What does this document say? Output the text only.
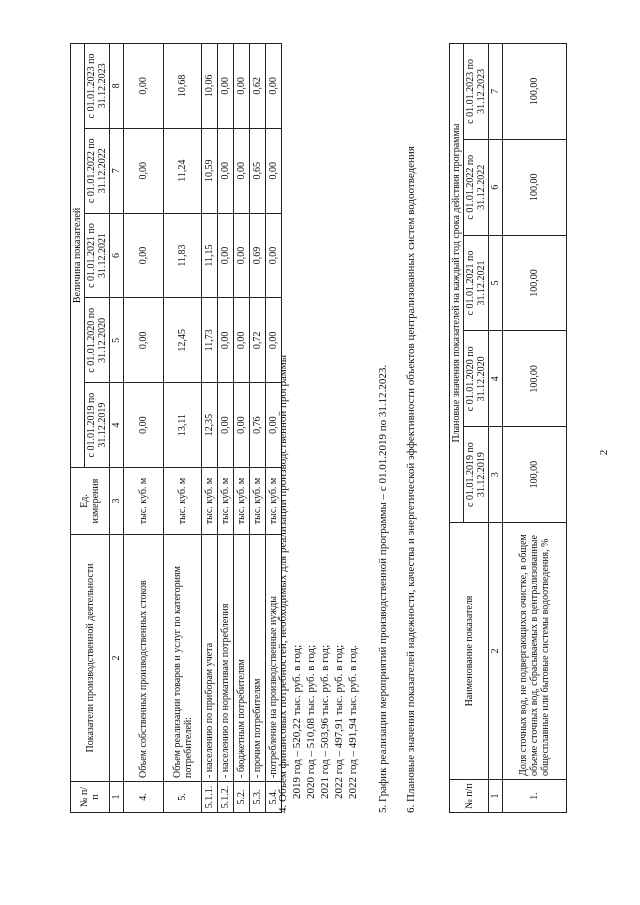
2
№ п/п	Показатели производственной деятельности	Ед. измерения	Величина показателей				
			с 01.01.2019 по 31.12.2019	с 01.01.2020 по 31.12.2020	с 01.01.2021 по 31.12.2021	с 01.01.2022 по 31.12.2022	с 01.01.2023 по 31.12.2023
1	2	3	4	5	6	7	8
4.	Объем собственных производственных стоков	тыс. куб. м	0,00	0,00	0,00	0,00	0,00
5.	Объем реализации товаров и услуг по категориям потребителей:	тыс. куб. м	13,11	12,45	11,83	11,24	10,68
5.1.1.	- населению по приборам учета	тыс. куб. м	12,35	11,73	11,15	10,59	10,06
5.1.2.	- населению по нормативам потребления	тыс. куб. м	0,00	0,00	0,00	0,00	0,00
5.2.	- бюджетным потребителям	тыс. куб. м	0,00	0,00	0,00	0,00	0,00
5.3.	- прочим потребителям	тыс. куб. м	0,76	0,72	0,69	0,65	0,62
5.4.	-потребление на производственные нужды	тыс. куб. м	0,00	0,00	0,00	0,00	0,00
4. Объем финансовых потребностей, необходимых для реализации производственной программы 2019 год – 520,22 тыс. руб. в год; 2020 год – 510,08 тыс. руб. в год; 2021 год – 503,96 тыс. руб. в год; 2022 год – 497,91 тыс. руб. в год; 2022 год – 491,94 тыс. руб. в год. 5. График реализации мероприятий производственной программы – с 01.01.2019 по 31.12.2023. 6. Плановые значения показателей надежности, качества и энергетической эффективности объектов централизованных систем водоотведения	№ п/п	Наименование показателя	Плановые значения показателей на каждый год срока действия программы				
		с 01.01.2019 по 31.12.2019	с 01.01.2020 по 31.12.2020	с 01.01.2021 по 31.12.2021	с 01.01.2022 по 31.12.2022	с 01.01.2023 по 31.12.2023
1	2	3	4	5	6	7
1.	Доля сточных вод, не подвергающихся очистке, в общем объеме сточных вод, сбрасываемых в централизованные общесплавные или бытовые системы водоотведения, %	100,00	100,00	100,00	100,00	100,00
